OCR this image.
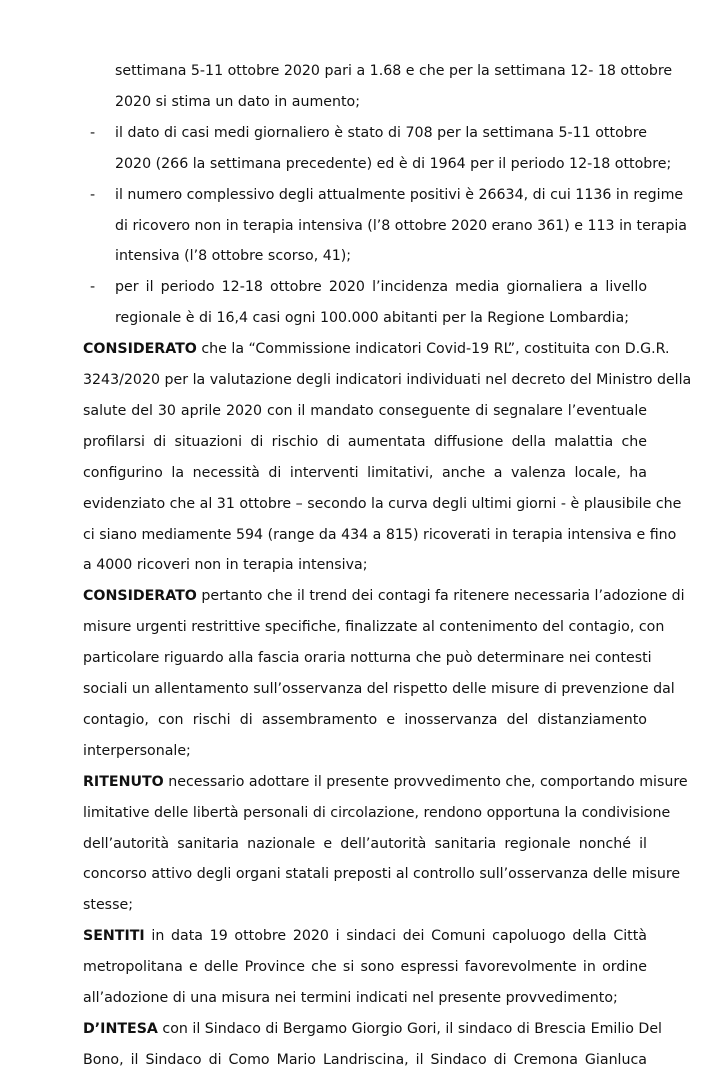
settimana 5-11 ottobre 2020 pari a 1.68 e che per la settimana 12- 18 ottobre
2020 si stima un dato in aumento;
- il dato di casi medi giornaliero è stato di 708 per la settimana 5-11 ottobre
2020 (266 la settimana precedente) ed è di 1964 per il periodo 12-18 ottobre;
- il numero complessivo degli attualmente positivi è 26634, di cui 1136 in regime
di ricovero non in terapia intensiva (l’8 ottobre 2020 erano 361) e 113 in terapia
intensiva (l’8 ottobre scorso, 41);
- per il periodo 12-18 ottobre 2020 l’incidenza media giornaliera a livello
regionale è di 16,4 casi ogni 100.000 abitanti per la Regione Lombardia;
CONSIDERATO che la “Commissione indicatori Covid-19 RL”, costituita con D.G.R.
3243/2020 per la valutazione degli indicatori individuati nel decreto del Ministro della
salute del 30 aprile 2020 con il mandato conseguente di segnalare l’eventuale
profilarsi di situazioni di rischio di aumentata diffusione della malattia che
configurino la necessità di interventi limitativi, anche a valenza locale, ha
evidenziato che al 31 ottobre – secondo la curva degli ultimi giorni - è plausibile che
ci siano mediamente 594 (range da 434 a 815) ricoverati in terapia intensiva e fino
a 4000 ricoveri non in terapia intensiva;
CONSIDERATO pertanto che il trend dei contagi fa ritenere necessaria l’adozione di
misure urgenti restrittive specifiche, finalizzate al contenimento del contagio, con
particolare riguardo alla fascia oraria notturna che può determinare nei contesti
sociali un allentamento sull’osservanza del rispetto delle misure di prevenzione dal
contagio, con rischi di assembramento e inosservanza del distanziamento
interpersonale;
RITENUTO necessario adottare il presente provvedimento che, comportando misure
limitative delle libertà personali di circolazione, rendono opportuna la condivisione
dell’autorità sanitaria nazionale e dell’autorità sanitaria regionale nonché il
concorso attivo degli organi statali preposti al controllo sull’osservanza delle misure
stesse;
SENTITI in data 19 ottobre 2020 i sindaci dei Comuni capoluogo della Città
metropolitana e delle Province che si sono espressi favorevolmente in ordine
all’adozione di una misura nei termini indicati nel presente provvedimento;
D’INTESA con il Sindaco di Bergamo Giorgio Gori, il sindaco di Brescia Emilio Del
Bono, il Sindaco di Como Mario Landriscina, il Sindaco di Cremona Gianluca
